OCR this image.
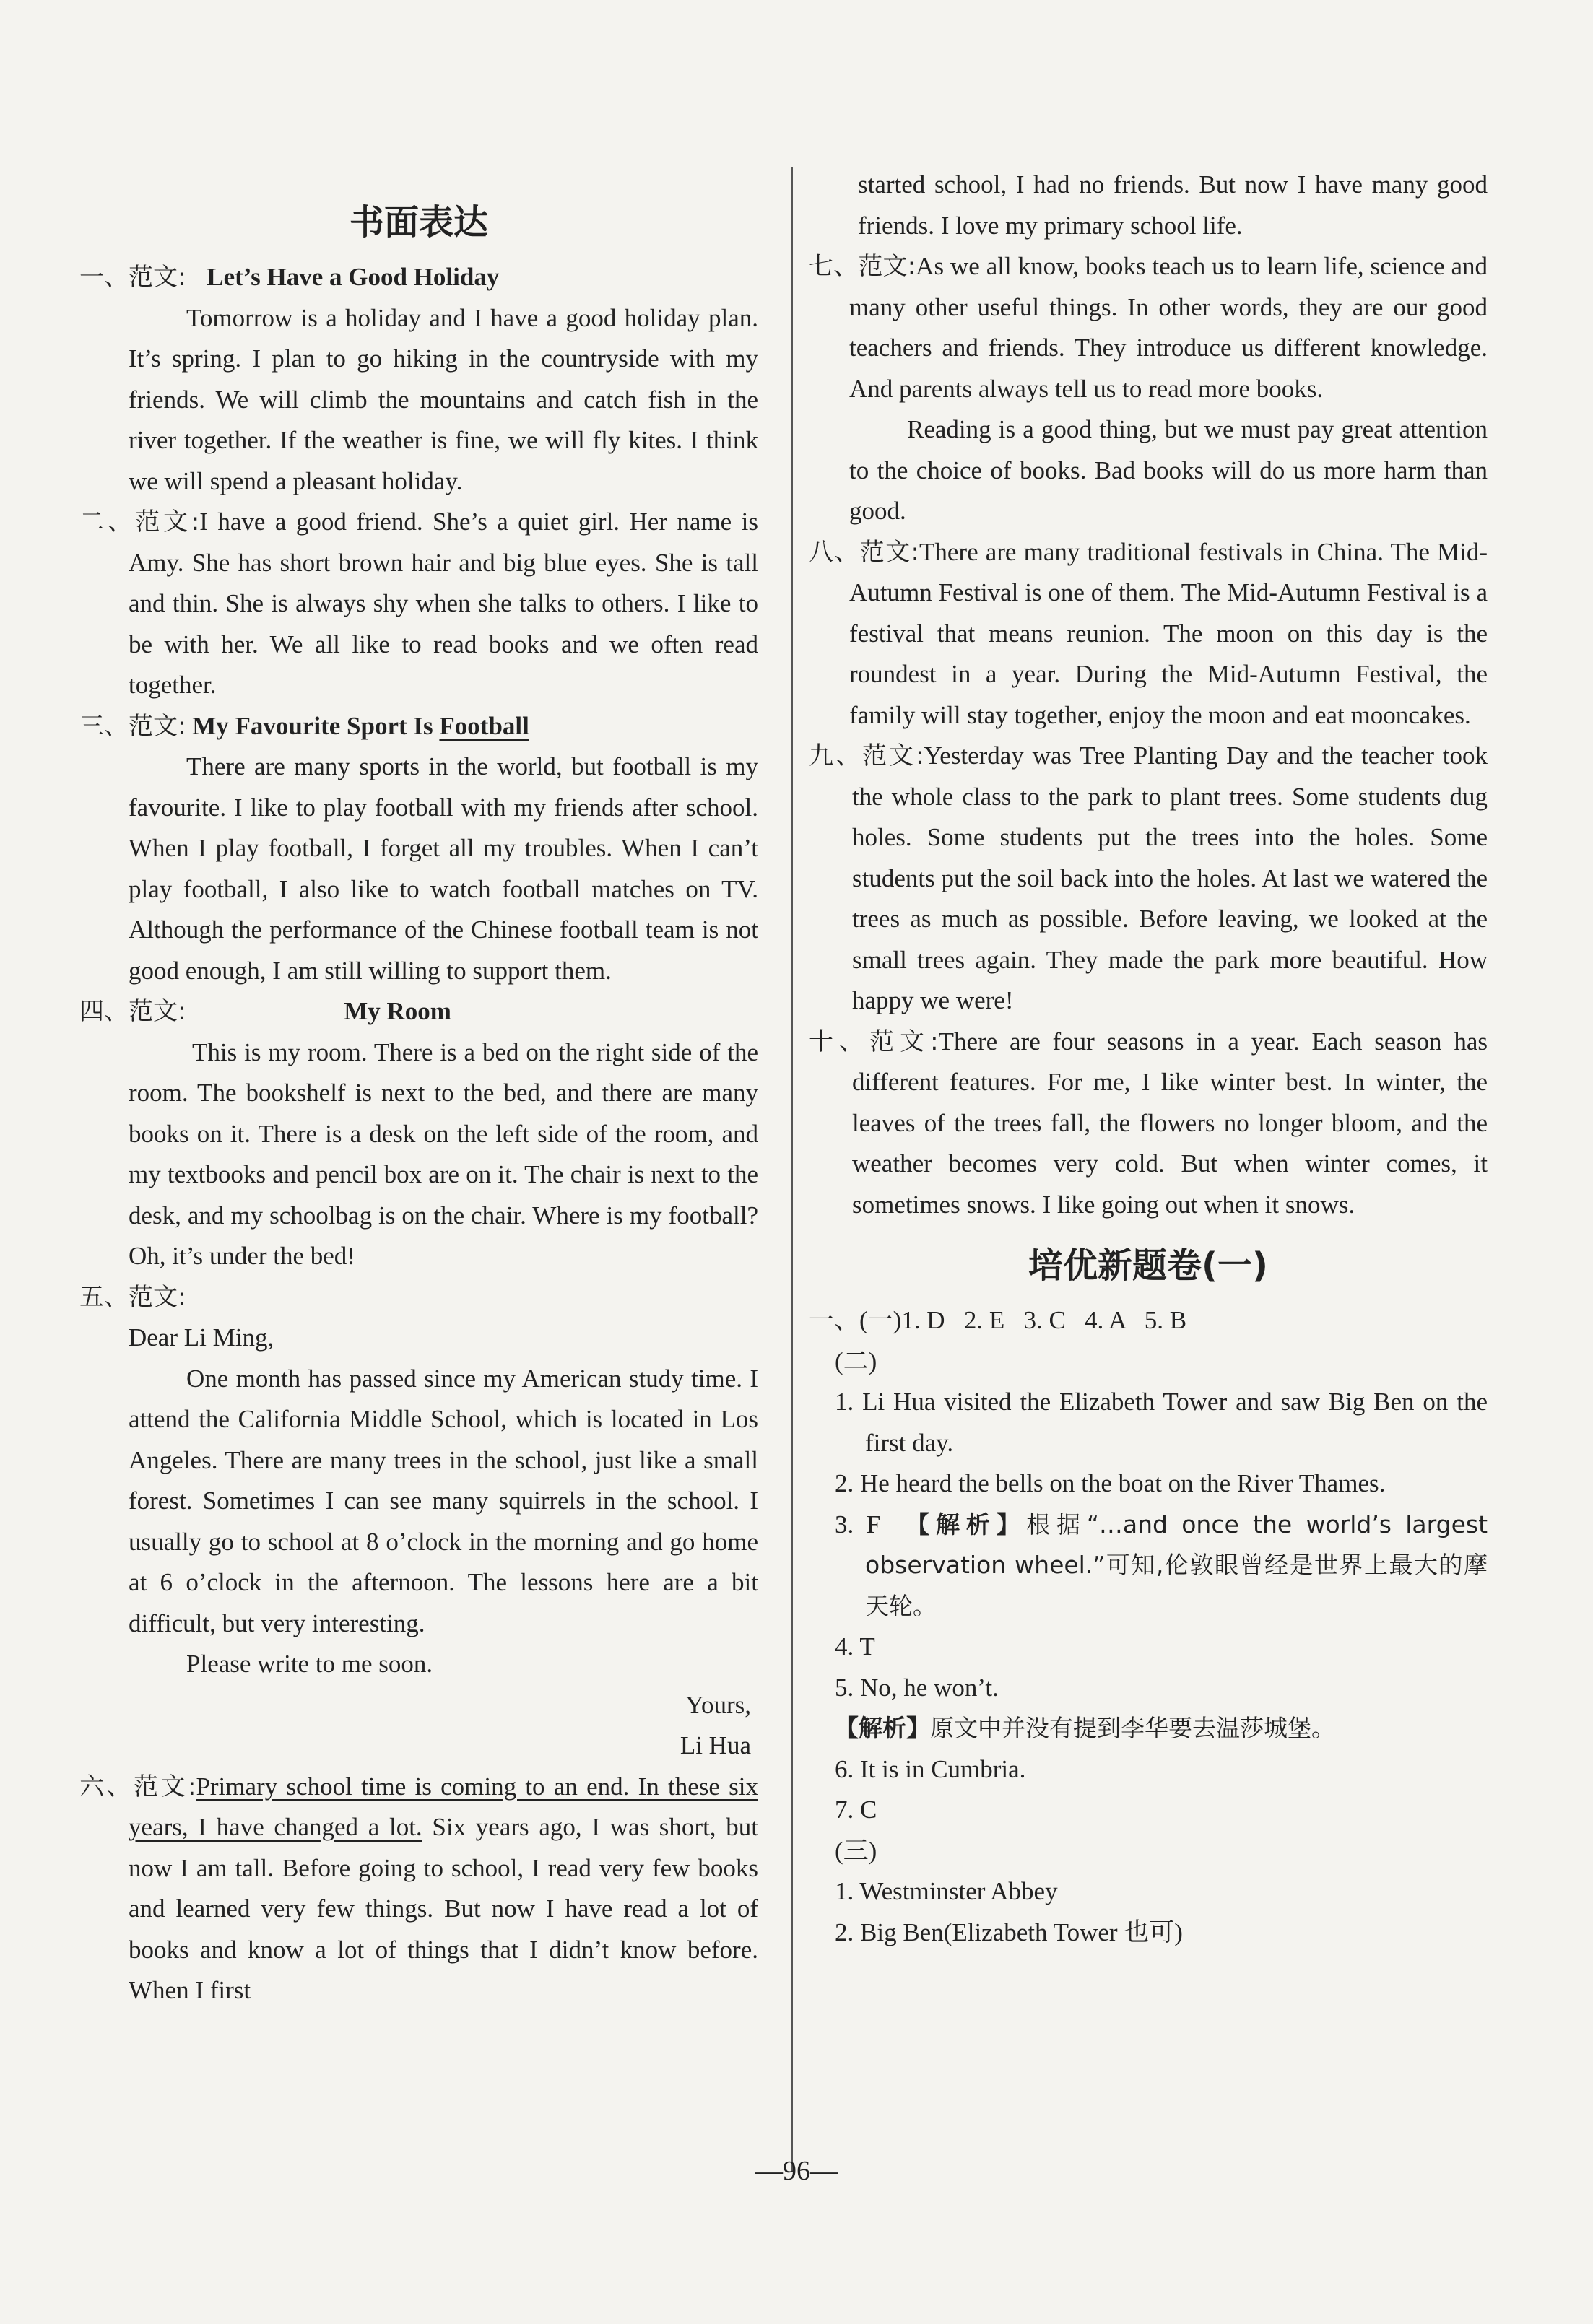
书面表达

一、范文: Let’s Have a Good Holiday

Tomorrow is a holiday and I have a good holiday plan. It’s spring. I plan to go hiking in the countryside with my friends. We will climb the mountains and catch fish in the river together. If the weather is fine, we will fly kites. I think we will spend a pleasant holiday.

二、范文:I have a good friend. She’s a quiet girl. Her name is Amy. She has short brown hair and big blue eyes. She is tall and thin. She is always shy when she talks to others. I like to be with her. We all like to read books and we often read together.

三、范文: My Favourite Sport Is Football

There are many sports in the world, but football is my favourite. I like to play football with my friends after school. When I play football, I forget all my troubles. When I can’t play football, I also like to watch football matches on TV. Although the performance of the Chinese football team is not good enough, I am still willing to support them.

四、范文:	My Room

This is my room. There is a bed on the right side of the room. The bookshelf is next to the bed, and there are many books on it. There is a desk on the left side of the room, and my textbooks and pencil box are on it. The chair is next to the desk, and my schoolbag is on the chair. Where is my football? Oh, it’s under the bed!

五、范文:

Dear Li Ming,

One month has passed since my American study time. I attend the California Middle School, which is located in Los Angeles. There are many trees in the school, just like a small forest. Sometimes I can see many squirrels in the school. I usually go to school at 8 o’clock in the morning and go home at 6 o’clock in the afternoon. The lessons here are a bit difficult, but very interesting.

Please write to me soon.

Yours,

Li Hua

六、范文:Primary school time is coming to an end. In these six years, I have changed a lot. Six years ago, I was short, but now I am tall. Before going to school, I read very few books and learned very few things. But now I have read a lot of books and know a lot of things that I didn’t know before. When I first

started school, I had no friends. But now I have many good friends. I love my primary school life.

七、范文:As we all know, books teach us to learn life, science and many other useful things. In other words, they are our good teachers and friends. They introduce us different knowledge. And parents always tell us to read more books.

Reading is a good thing, but we must pay great attention to the choice of books. Bad books will do us more harm than good.

八、范文:There are many traditional festivals in China. The Mid-Autumn Festival is one of them. The Mid-Autumn Festival is a festival that means reunion. The moon on this day is the roundest in a year. During the Mid-Autumn Festival, the family will stay together, enjoy the moon and eat mooncakes.

九、范文:Yesterday was Tree Planting Day and the teacher took the whole class to the park to plant trees. Some students dug holes. Some students put the trees into the holes. Some students put the soil back into the holes. At last we watered the trees as much as possible. Before leaving, we looked at the small trees again. They made the park more beautiful. How happy we were!

十、范文:There are four seasons in a year. Each season has different features. For me, I like winter best. In winter, the leaves of the trees fall, the flowers no longer bloom, and the weather becomes very cold. But when winter comes, it sometimes snows. I like going out when it snows.

培优新题卷(一)

一、(一)1. D   2. E   3. C   4. A   5. B

(二)

1. Li Hua visited the Elizabeth Tower and saw Big Ben on the first day.

2. He heard the bells on the boat on the River Thames.

3. F  【解析】根据“…and once the world’s largest observation wheel.”可知,伦敦眼曾经是世界上最大的摩天轮。

4. T

5. No, he won’t.

【解析】原文中并没有提到李华要去温莎城堡。

6. It is in Cumbria.

7. C

(三)

1. Westminster Abbey

2. Big Ben(Elizabeth Tower 也可)

—96—
